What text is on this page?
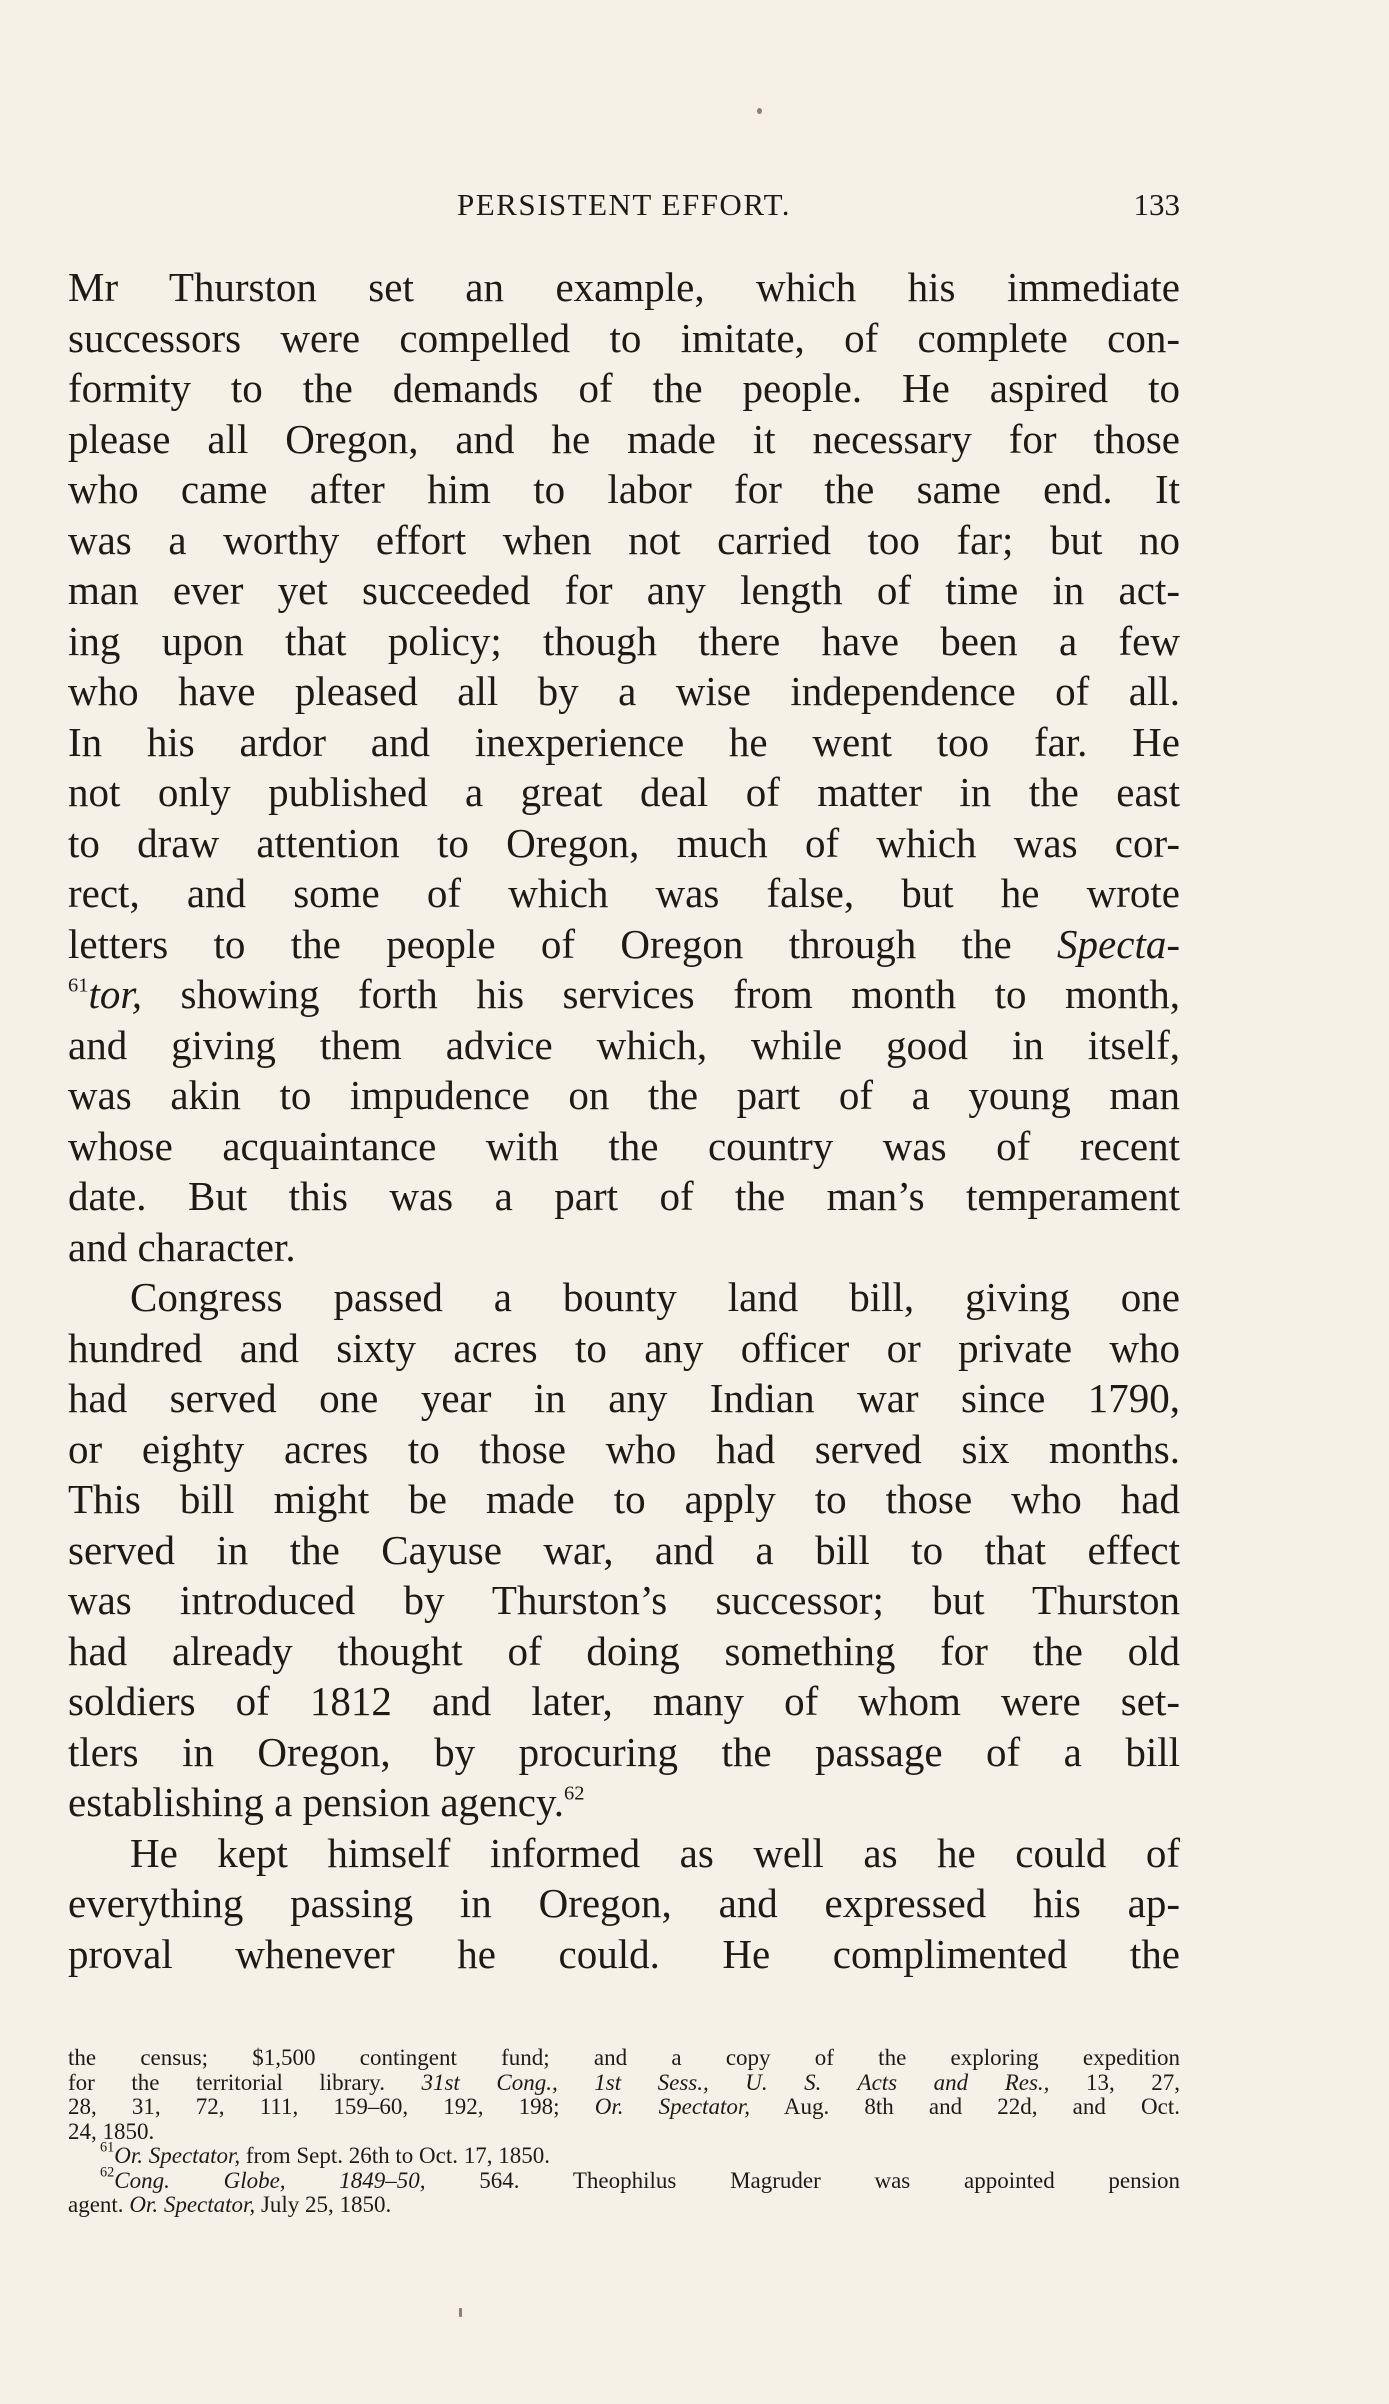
PERSISTENT EFFORT.	133
Mr Thurston set an example, which his immediate
successors were compelled to imitate, of complete con-
formity to the demands of the people. He aspired to
please all Oregon, and he made it necessary for those
who came after him to labor for the same end. It
was a worthy effort when not carried too far; but no
man ever yet succeeded for any length of time in act-
ing upon that policy; though there have been a few
who have pleased all by a wise independence of all.
In his ardor and inexperience he went too far. He
not only published a great deal of matter in the east
to draw attention to Oregon, much of which was cor-
rect, and some of which was false, but he wrote
letters to the people of Oregon through the Specta-
$^{61}$tor, showing forth his services from month to month,
and giving them advice which, while good in itself,
was akin to impudence on the part of a young man
whose acquaintance with the country was of recent
date. But this was a part of the man’s temperament
and character.
Congress passed a bounty land bill, giving one
hundred and sixty acres to any officer or private who
had served one year in any Indian war since 1790,
or eighty acres to those who had served six months.
This bill might be made to apply to those who had
served in the Cayuse war, and a bill to that effect
was introduced by Thurston’s successor; but Thurston
had already thought of doing something for the old
soldiers of 1812 and later, many of whom were set-
tlers in Oregon, by procuring the passage of a bill
establishing a pension agency.$^{62}$
He kept himself informed as well as he could of
everything passing in Oregon, and expressed his ap-
proval whenever he could. He complimented the
the census; $1,500 contingent fund; and a copy of the exploring expedition
for the territorial library. 31st Cong., 1st Sess., U. S. Acts and Res., 13, 27,
28, 31, 72, 111, 159–60, 192, 198; Or. Spectator, Aug. 8th and 22d, and Oct.
24, 1850.
$^{61}$Or. Spectator, from Sept. 26th to Oct. 17, 1850.
$^{62}$Cong. Globe, 1849–50, 564. Theophilus Magruder was appointed pension
agent. Or. Spectator, July 25, 1850.
